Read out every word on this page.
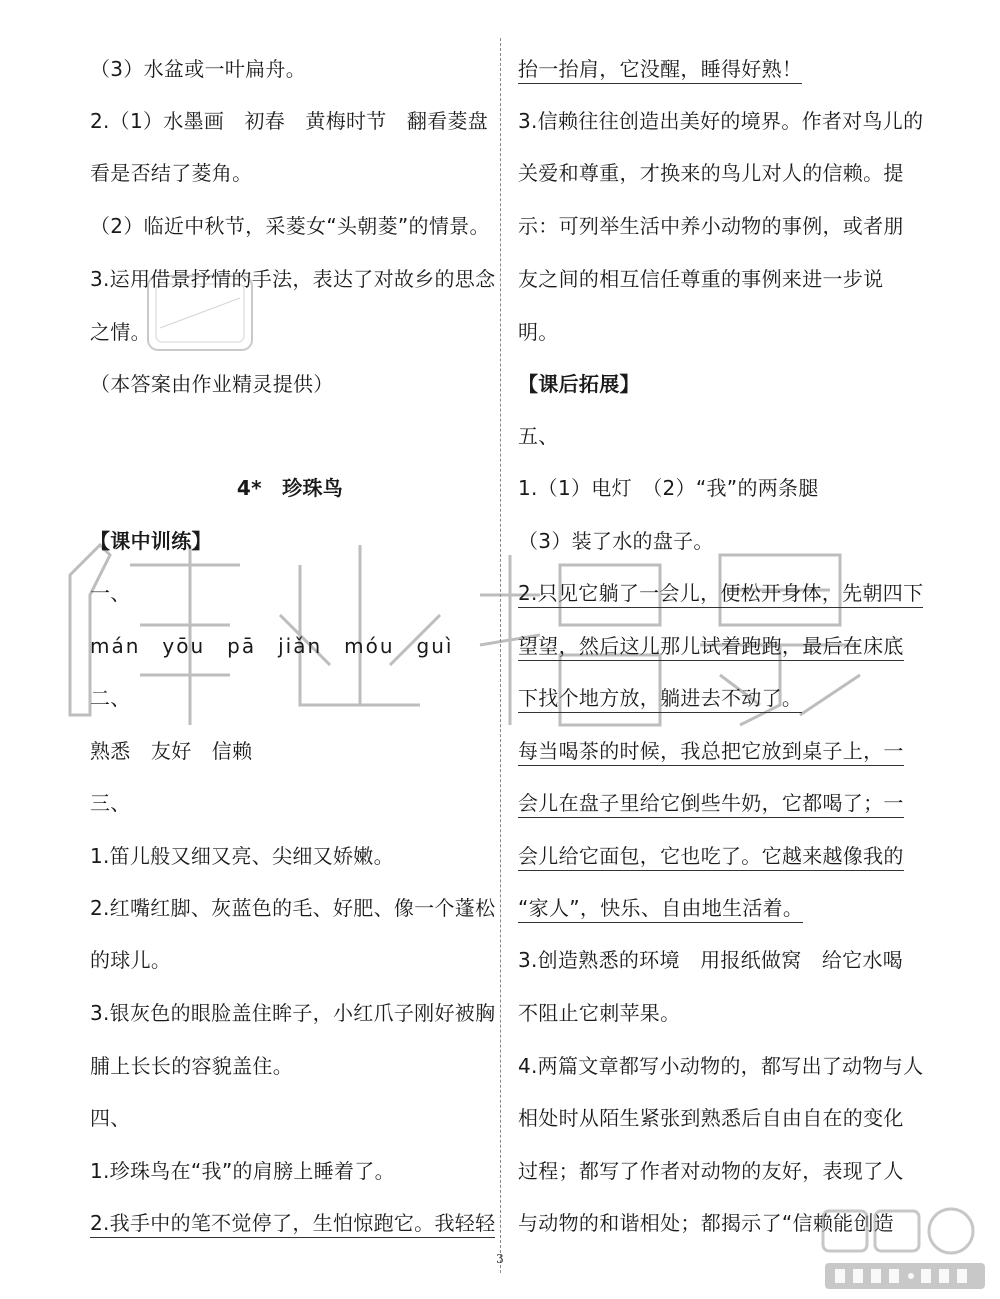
（3）水盆或一叶扁舟。
2.（1）水墨画　初春　黄梅时节　翻看菱盘
看是否结了菱角。
（2）临近中秋节，采菱女“头朝菱”的情景。
3.运用借景抒情的手法，表达了对故乡的思念
之情。
（本答案由作业精灵提供）
4*　珍珠鸟
【课中训练】
一、
mán　yōu　pā　jiǎn　móu　guì
二、
熟悉　友好　信赖
三、
1.笛儿般又细又亮、尖细又娇嫩。
2.红嘴红脚、灰蓝色的毛、好肥、像一个蓬松
的球儿。
3.银灰色的眼脸盖住眸子，小红爪子刚好被胸
脯上长长的容貌盖住。
四、
1.珍珠鸟在“我”的肩膀上睡着了。
2.我手中的笔不觉停了，生怕惊跑它。我轻轻
抬一抬肩，它没醒，睡得好熟！
3.信赖往往创造出美好的境界。作者对鸟儿的
关爱和尊重，才换来的鸟儿对人的信赖。提
示：可列举生活中养小动物的事例，或者朋
友之间的相互信任尊重的事例来进一步说
明。
【课后拓展】
五、
1.（1）电灯　（2）“我”的两条腿
（3）装了水的盘子。
2.只见它躺了一会儿，便松开身体，先朝四下
望望，然后这儿那儿试着跑跑，最后在床底
下找个地方放，躺进去不动了。
每当喝茶的时候，我总把它放到桌子上，一
会儿在盘子里给它倒些牛奶，它都喝了；一
会儿给它面包，它也吃了。它越来越像我的
“家人”，快乐、自由地生活着。
3.创造熟悉的环境　用报纸做窝　给它水喝
不阻止它刺苹果。
4.两篇文章都写小动物的，都写出了动物与人
相处时从陌生紧张到熟悉后自由自在的变化
过程；都写了作者对动物的友好，表现了人
与动物的和谐相处；都揭示了“信赖能创造
3
